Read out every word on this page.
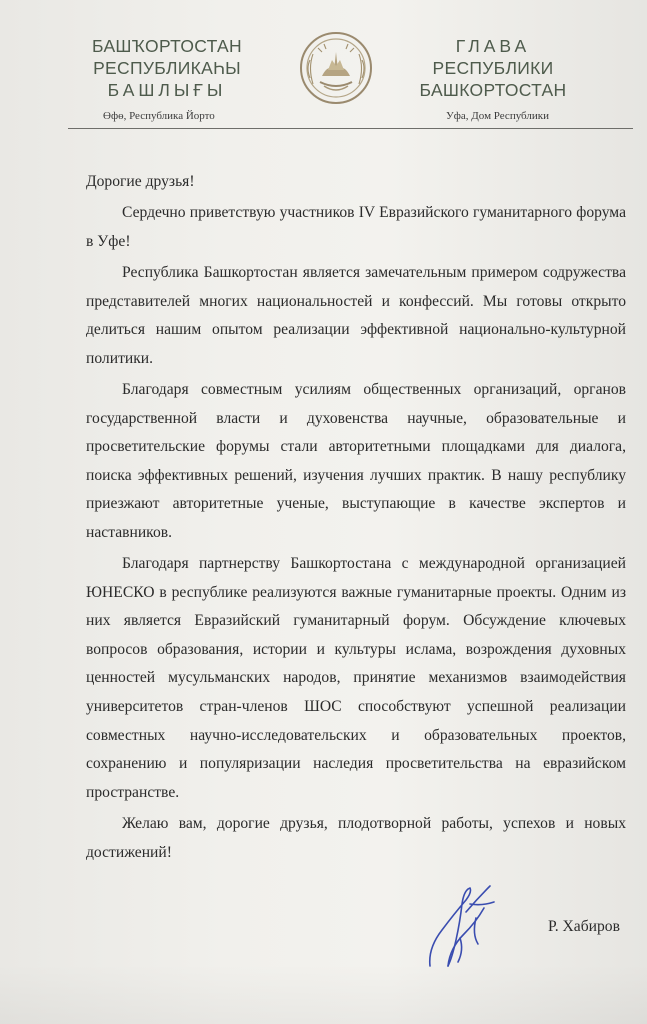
БАШҠОРТОСТАН
РЕСПУБЛИКАҺЫ
БАШЛЫҒЫ
ГЛАВА
РЕСПУБЛИКИ
БАШКОРТОСТАН
Өфө, Республика Йорто	Уфа, Дом Республики

Дорогие друзья!

Сердечно приветствую участников IV Евразийского гуманитарного форума в Уфе!

Республика Башкортостан является замечательным примером содружества представителей многих национальностей и конфессий. Мы готовы открыто делиться нашим опытом реализации эффективной национально-культурной политики.

Благодаря совместным усилиям общественных организаций, органов государственной власти и духовенства научные, образовательные и просветительские форумы стали авторитетными площадками для диалога, поиска эффективных решений, изучения лучших практик. В нашу республику приезжают авторитетные ученые, выступающие в качестве экспертов и наставников.

Благодаря партнерству Башкортостана с международной организацией ЮНЕСКО в республике реализуются важные гуманитарные проекты. Одним из них является Евразийский гуманитарный форум. Обсуждение ключевых вопросов образования, истории и культуры ислама, возрождения духовных ценностей мусульманских народов, принятие механизмов взаимодействия университетов стран-членов ШОС способствуют успешной реализации совместных научно-исследовательских и образовательных проектов, сохранению и популяризации наследия просветительства на евразийском пространстве.

Желаю вам, дорогие друзья, плодотворной работы, успехов и новых достижений!

Р. Хабиров
